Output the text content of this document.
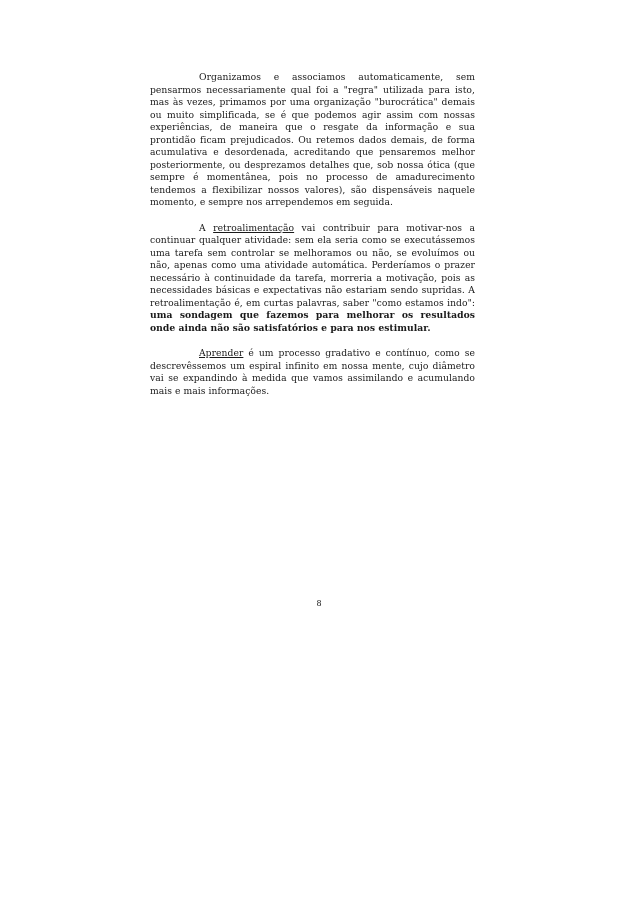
Organizamos e associamos automaticamente, sem pensarmos necessariamente qual foi a "regra" utilizada para isto, mas às vezes, primamos por uma organização "burocrática" demais ou muito simplificada, se é que podemos agir assim com nossas experiências, de maneira que o resgate da informação e sua prontidão ficam prejudicados. Ou retemos dados demais, de forma acumulativa e desordenada, acreditando que pensaremos melhor posteriormente, ou desprezamos detalhes que, sob nossa ótica (que sempre é momentânea, pois no processo de amadurecimento tendemos a flexibilizar nossos valores), são dispensáveis naquele momento, e sempre nos arrependemos em seguida.

A retroalimentação vai contribuir para motivar-nos a continuar qualquer atividade: sem ela seria como se executássemos uma tarefa sem controlar se melhoramos ou não, se evoluímos ou não, apenas como uma atividade automática. Perderíamos o prazer necessário à continuidade da tarefa, morreria a motivação, pois as necessidades básicas e expectativas não estariam sendo supridas. A retroalimentação é, em curtas palavras, saber "como estamos indo": uma sondagem que fazemos para melhorar os resultados onde ainda não são satisfatórios e para nos estimular.

Aprender é um processo gradativo e contínuo, como se descrevêssemos um espiral infinito em nossa mente, cujo diâmetro vai se expandindo à medida que vamos assimilando e acumulando mais e mais informações.

8
